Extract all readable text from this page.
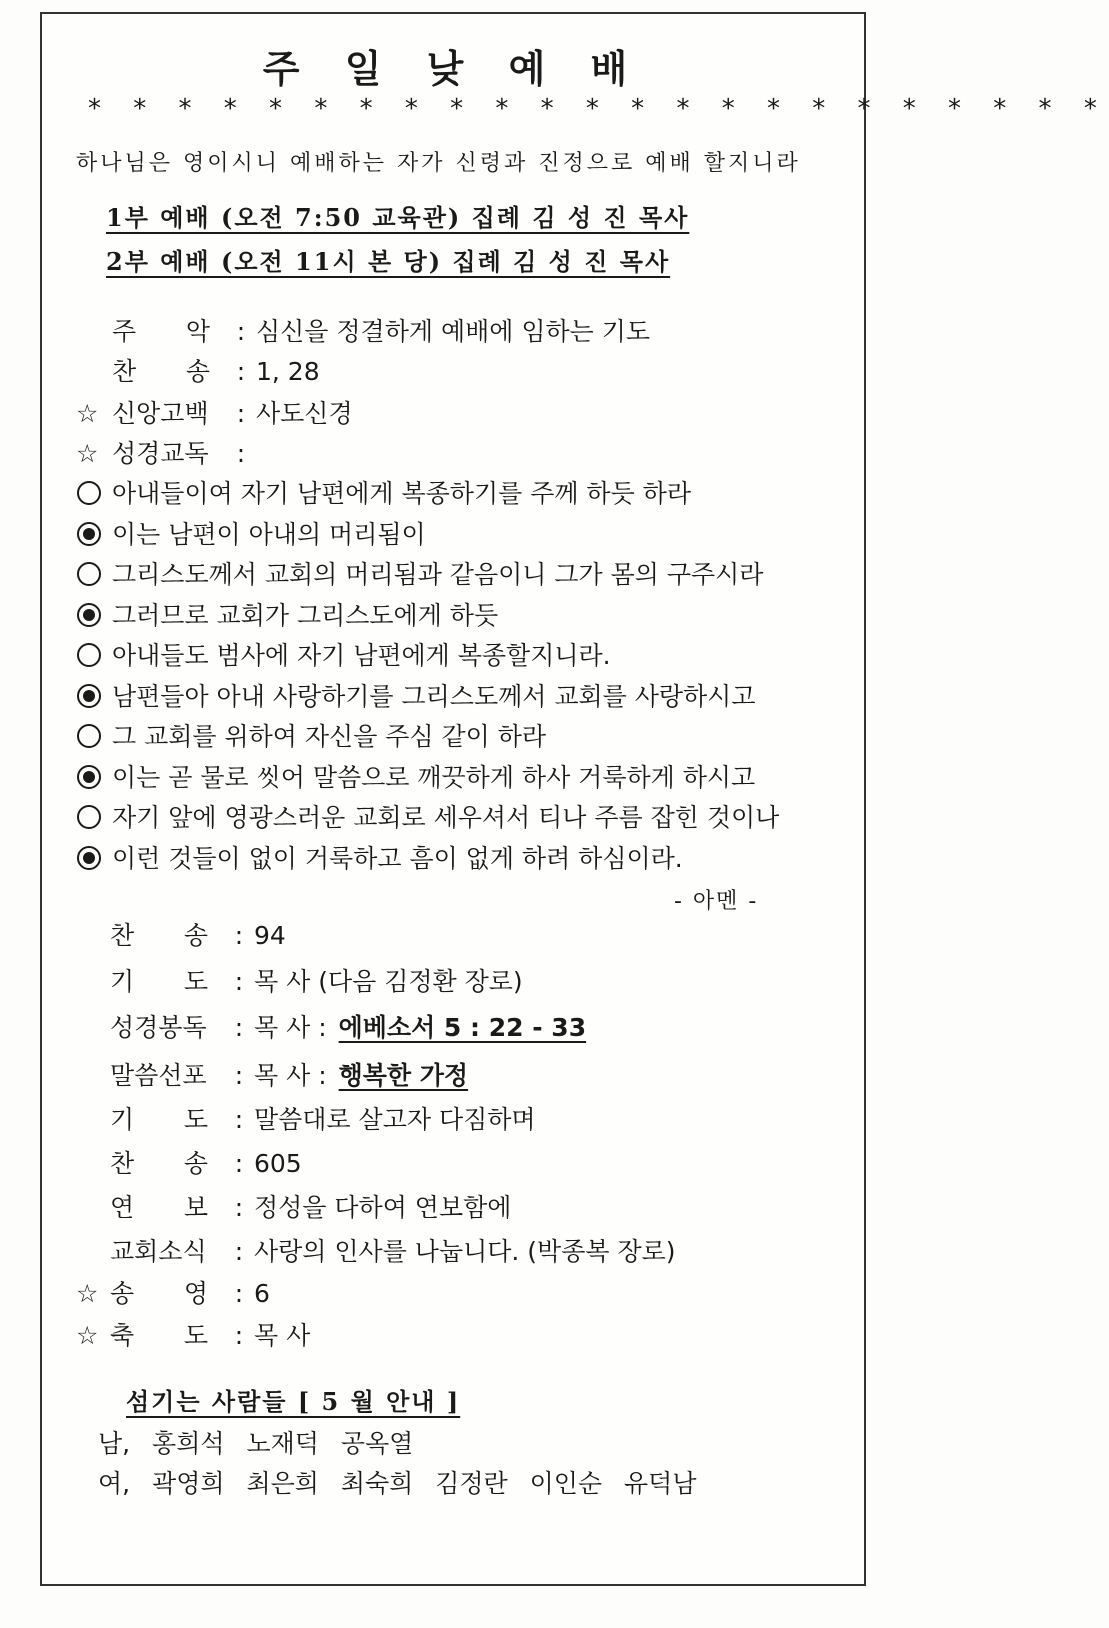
주 일 낮 예 배
* * * * * * * * * * * * * * * * * * * * * * *
하나님은 영이시니 예배하는 자가 신령과 진정으로 예배 할지니라
1부 예배 (오전 7:50 교육관) 집례 김 성 진 목사
2부 예배 (오전 11시 본 당) 집례 김 성 진 목사
주 악 : 심신을 정결하게 예배에 임하는 기도
찬 송 : 1, 28
☆ 신앙고백 : 사도신경
☆ 성경교독 :
아내들이여 자기 남편에게 복종하기를 주께 하듯 하라
이는 남편이 아내의 머리됨이
그리스도께서 교회의 머리됨과 같음이니 그가 몸의 구주시라
그러므로 교회가 그리스도에게 하듯
아내들도 범사에 자기 남편에게 복종할지니라.
남편들아 아내 사랑하기를 그리스도께서 교회를 사랑하시고
그 교회를 위하여 자신을 주심 같이 하라
이는 곧 물로 씻어 말씀으로 깨끗하게 하사 거룩하게 하시고
자기 앞에 영광스러운 교회로 세우셔서 티나 주름 잡힌 것이나
이런 것들이 없이 거룩하고 흠이 없게 하려 하심이라.
- 아멘 -
찬 송 : 94
기 도 : 목 사 (다음 김정환 장로)
성경봉독 : 목 사 : 에베소서 5 : 22 - 33
말씀선포 : 목 사 : 행복한 가정
기 도 : 말씀대로 살고자 다짐하며
찬 송 : 605
연 보 : 정성을 다하여 연보함에
교회소식 : 사랑의 인사를 나눕니다. (박종복 장로)
☆ 송 영 : 6
☆ 축 도 : 목 사
섬기는 사람들 [ 5 월 안내 ]
남, 홍희석 노재덕 공옥열
여, 곽영희 최은희 최숙희 김정란 이인순 유덕남
